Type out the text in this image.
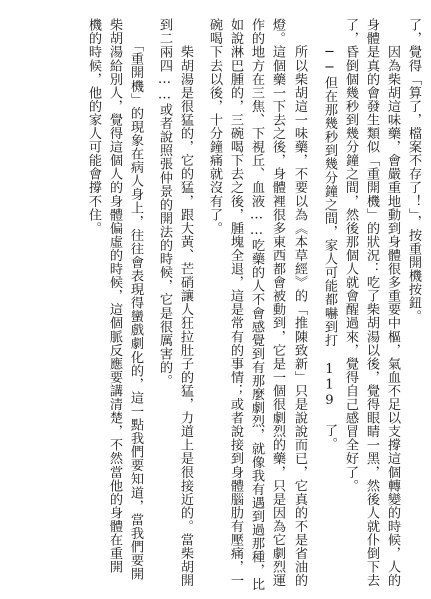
了，覺得「算了，檔案不存了！」，按重開機按鈕。
　　因為柴胡這味藥，會嚴重地動到身體很多重要中樞，氣血不足以支撐這個轉變的時候，人的
身體是真的會發生類似「重開機」的狀況：吃了柴胡湯以後，覺得眼睛一黑，然後人就仆倒下去
了，昏倒個幾秒到幾分鐘之間，然後那個人就會醒過來，覺得自己感冒全好了。
　　──但在那幾秒到幾分鐘之間，家人可能都嚇到打 119 了。
　　所以柴胡這一味藥，不要以為《本草經》的「推陳致新」只是說說而已，它真的不是省油的
燈。這個藥一下去之後，身體裡很多東西都會被動到，它是一個很劇烈的藥，只是因為它劇烈運
作的地方在三焦、下視丘、血液……吃藥的人不會感覺到有那麼劇烈，就像我有遇到過那種，比
如說淋巴腫的，三碗喝下去之後，腫塊全退，這是常有的事情；或者說接到身體腦肋有壓痛，一
碗喝下去以後，十分鐘痛就沒有了。
　　柴胡湯是很猛的，它的猛，跟大黃、芒硝讓人狂拉肚子的猛，力道上是很接近的。當柴胡開
到二兩四……或者說照張仲景的開法的時候，它是很厲害的。
　　「重開機」的現象在病人身上，往往會表現得蠻戲劇化的，這一點我們要知道，當我們要開
柴胡湯給別人，覺得這個人的身體偏虛的時候，這個脈反應要講清楚，不然當他的身體在重開
機的時候，他的家人可能會撐不住。
